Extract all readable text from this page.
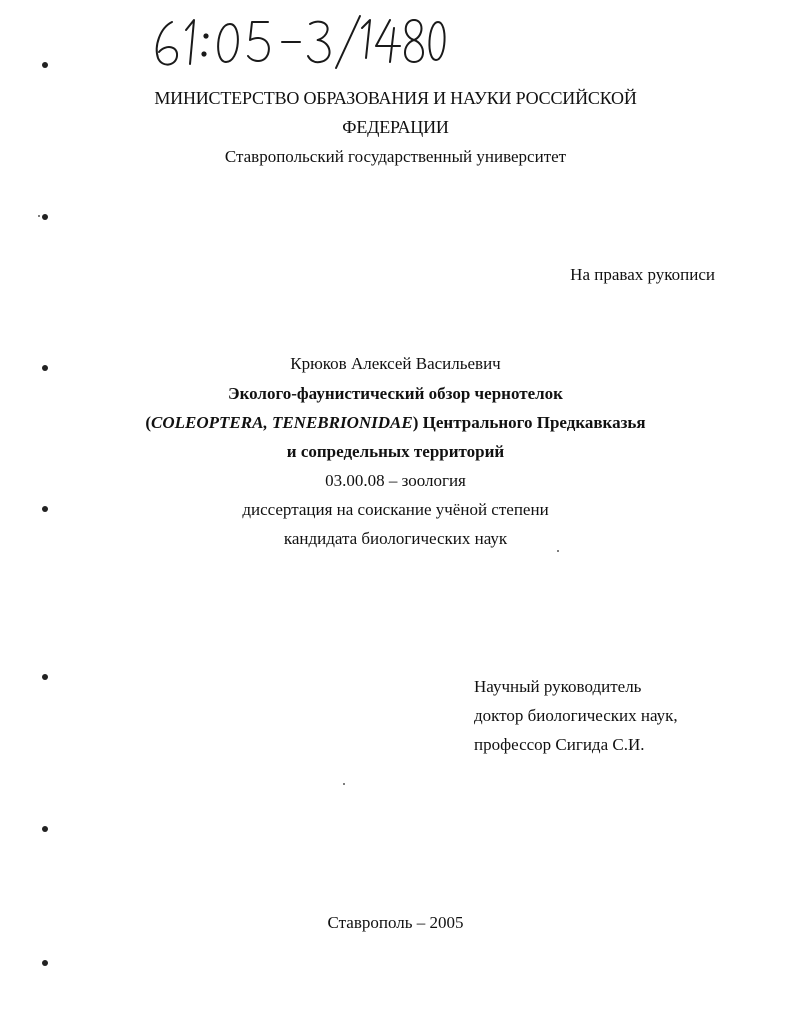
МИНИСТЕРСТВО ОБРАЗОВАНИЯ И НАУКИ РОССИЙСКОЙ
ФЕДЕРАЦИИ
Ставропольский государственный университет
На правах рукописи
Крюков Алексей Васильевич
Эколого-фаунистический обзор чернотелок
(COLEOPTERA, TENEBRIONIDAE) Центрального Предкавказья
и сопредельных территорий
03.00.08 – зоология
диссертация на соискание учёной степени
кандидата биологических наук
Научный руководитель
доктор биологических наук,
профессор Сигида С.И.
Ставрополь – 2005
